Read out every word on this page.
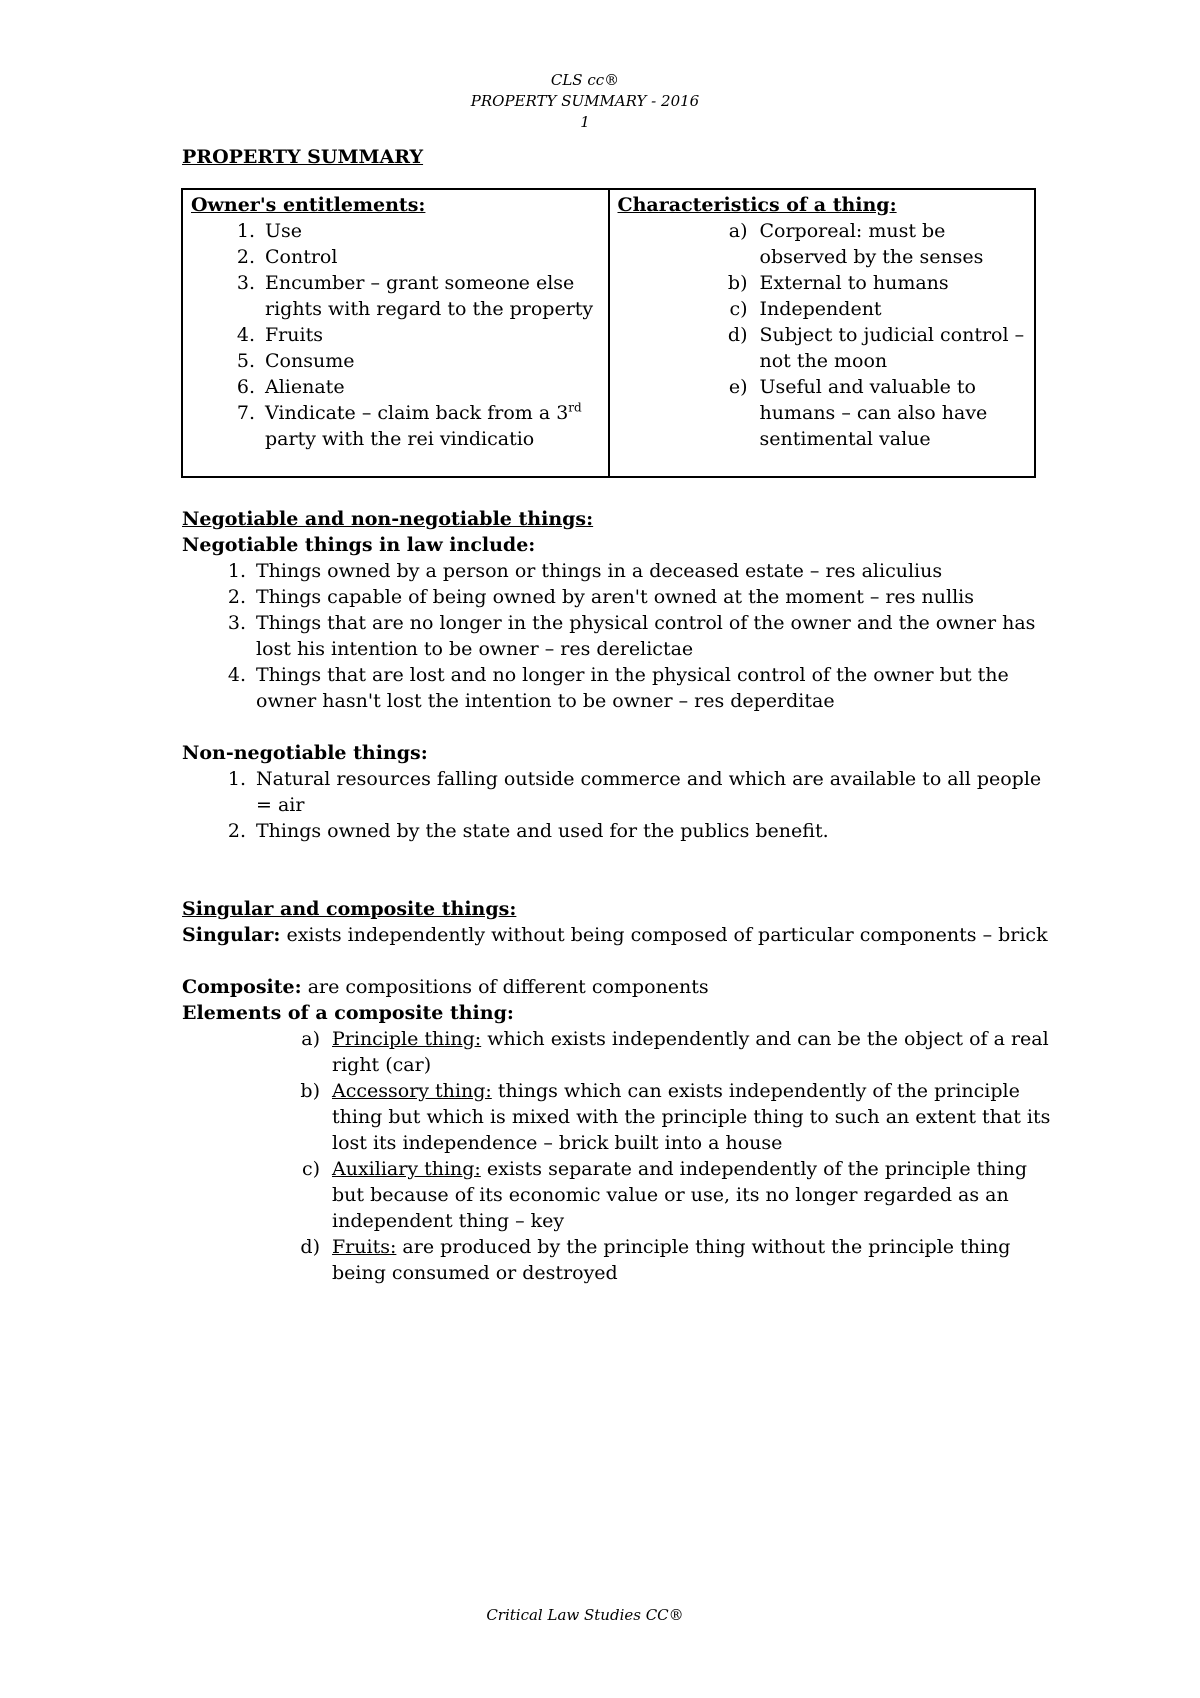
CLS cc®
PROPERTY SUMMARY - 2016
1
PROPERTY SUMMARY
Owner's entitlements:
1. Use
2. Control
3. Encumber – grant someone else rights with regard to the property
4. Fruits
5. Consume
6. Alienate
7. Vindicate – claim back from a 3rd party with the rei vindicatio

Characteristics of a thing:
a) Corporeal: must be observed by the senses
b) External to humans
c) Independent
d) Subject to judicial control – not the moon
e) Useful and valuable to humans – can also have sentimental value
Negotiable and non-negotiable things:
Negotiable things in law include:
1. Things owned by a person or things in a deceased estate – res aliculius
2. Things capable of being owned by aren't owned at the moment – res nullis
3. Things that are no longer in the physical control of the owner and the owner has lost his intention to be owner – res derelictae
4. Things that are lost and no longer in the physical control of the owner but the owner hasn't lost the intention to be owner – res deperditae
Non-negotiable things:
1. Natural resources falling outside commerce and which are available to all people = air
2. Things owned by the state and used for the publics benefit.
Singular and composite things:
Singular: exists independently without being composed of particular components – brick
Composite: are compositions of different components
Elements of a composite thing:
a) Principle thing: which exists independently and can be the object of a real right (car)
b) Accessory thing: things which can exists independently of the principle thing but which is mixed with the principle thing to such an extent that its lost its independence – brick built into a house
c) Auxiliary thing: exists separate and independently of the principle thing but because of its economic value or use, its no longer regarded as an independent thing – key
d) Fruits: are produced by the principle thing without the principle thing being consumed or destroyed
Critical Law Studies CC®
